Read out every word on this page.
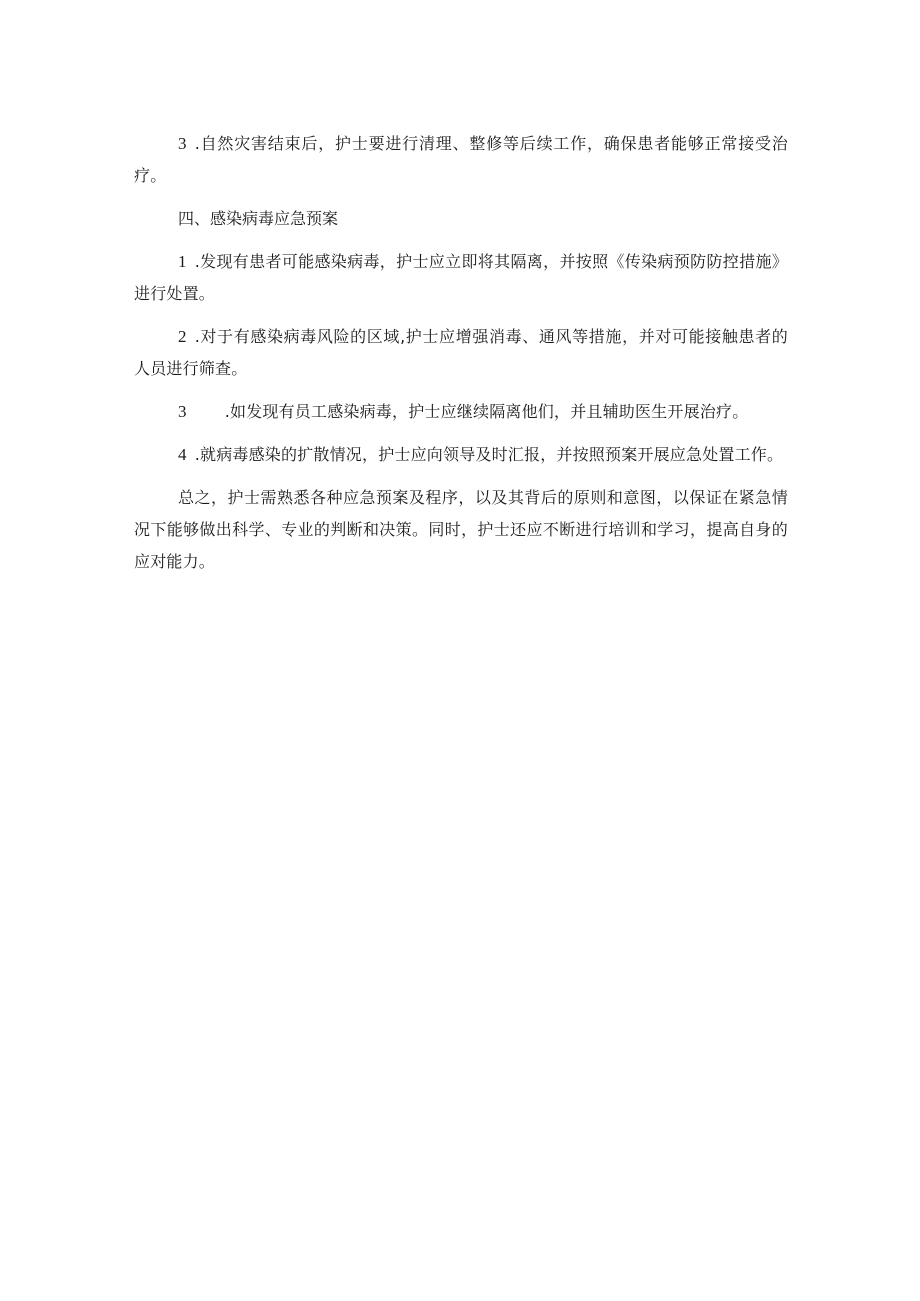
3 .自然灾害结束后，护士要进行清理、整修等后续工作，确保患者能够正常接受治疗。

四、感染病毒应急预案

1 .发现有患者可能感染病毒，护士应立即将其隔离，并按照《传染病预防防控措施》进行处置。

2 .对于有感染病毒风险的区域,护士应增强消毒、通风等措施，并对可能接触患者的人员进行筛查。

3 .如发现有员工感染病毒，护士应继续隔离他们，并且辅助医生开展治疗。

4 .就病毒感染的扩散情况，护士应向领导及时汇报，并按照预案开展应急处置工作。

总之，护士需熟悉各种应急预案及程序，以及其背后的原则和意图，以保证在紧急情况下能够做出科学、专业的判断和决策。同时，护士还应不断进行培训和学习，提高自身的应对能力。
